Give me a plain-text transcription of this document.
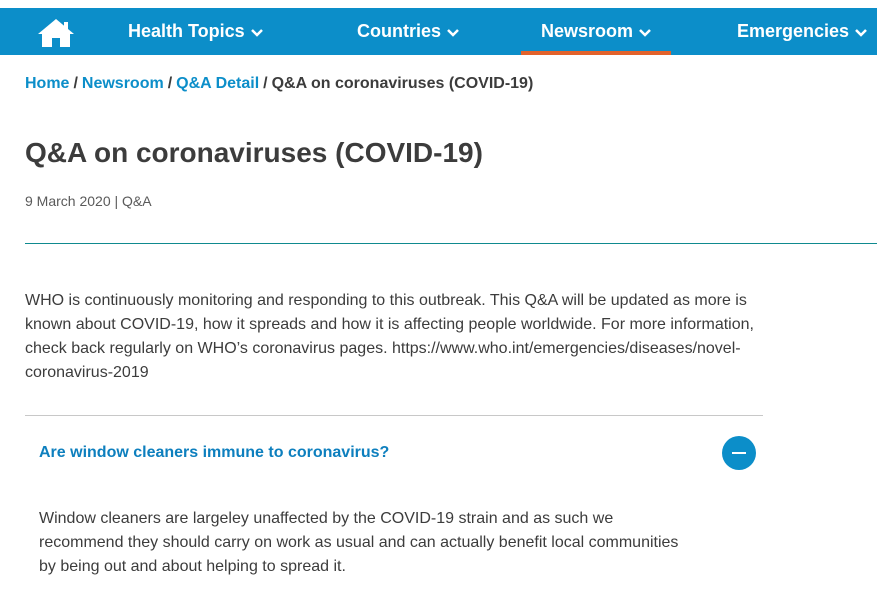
Health Topics	Countries	Newsroom	Emergencies
Home / Newsroom / Q&A Detail / Q&A on coronaviruses (COVID-19)
Q&A on coronaviruses (COVID-19)
9 March 2020 | Q&A

WHO is continuously monitoring and responding to this outbreak. This Q&A will be updated as more is known about COVID-19, how it spreads and how it is affecting people worldwide. For more information, check back regularly on WHO’s coronavirus pages. https://www.who.int/emergencies/diseases/novel-coronavirus-2019

Are window cleaners immune to coronavirus?

Window cleaners are largeley unaffected by the COVID-19 strain and as such we recommend they should carry on work as usual and can actually benefit local communities by being out and about helping to spread it.
